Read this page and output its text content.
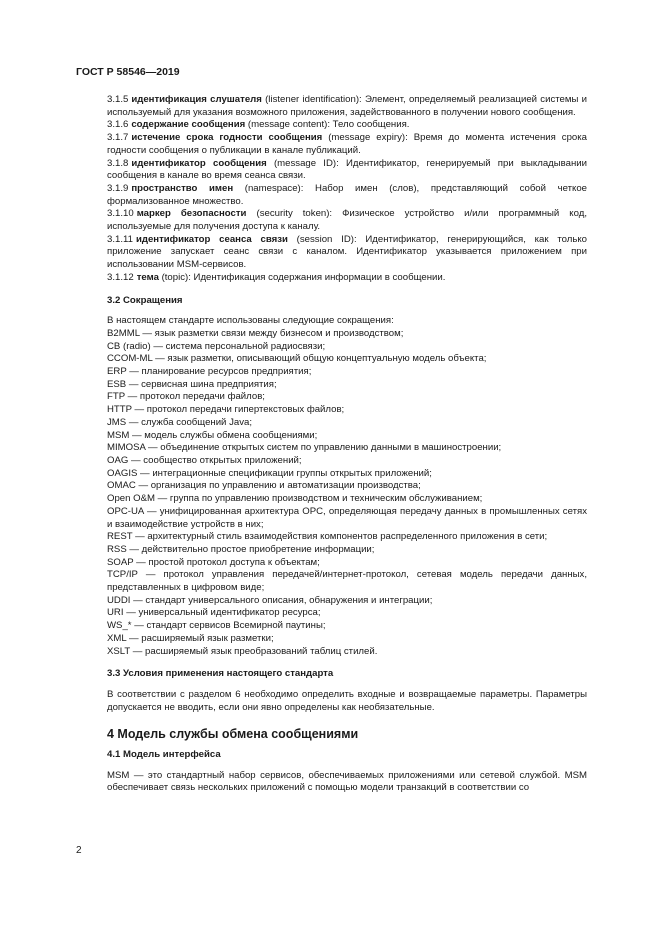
ГОСТ Р 58546—2019

3.1.5 идентификация слушателя (listener identification): Элемент, определяемый реализацией системы и используемый для указания возможного приложения, задействованного в получении нового сообщения.

3.1.6 содержание сообщения (message content): Тело сообщения.

3.1.7 истечение срока годности сообщения (message expiry): Время до момента истечения срока годности сообщения о публикации в канале публикаций.

3.1.8 идентификатор сообщения (message ID): Идентификатор, генерируемый при выкладывании сообщения в канале во время сеанса связи.

3.1.9 пространство имен (namespace): Набор имен (слов), представляющий собой четкое формализованное множество.

3.1.10 маркер безопасности (security token): Физическое устройство и/или программный код, используемые для получения доступа к каналу.

3.1.11 идентификатор сеанса связи (session ID): Идентификатор, генерирующийся, как только приложение запускает сеанс связи с каналом. Идентификатор указывается приложением при использовании MSM-сервисов.

3.1.12 тема (topic): Идентификация содержания информации в сообщении.

3.2 Сокращения

В настоящем стандарте использованы следующие сокращения:

B2MML — язык разметки связи между бизнесом и производством;

CB (radio) — система персональной радиосвязи;

CCOM-ML — язык разметки, описывающий общую концептуальную модель объекта;

ERP — планирование ресурсов предприятия;

ESB — сервисная шина предприятия;

FTP — протокол передачи файлов;

HTTP — протокол передачи гипертекстовых файлов;

JMS — служба сообщений Java;

MSM — модель службы обмена сообщениями;

MIMOSA — объединение открытых систем по управлению данными в машиностроении;

OAG — сообщество открытых приложений;

OAGIS — интеграционные спецификации группы открытых приложений;

OMAC — организация по управлению и автоматизации производства;

Open O&M — группа по управлению производством и техническим обслуживанием;

OPC-UA — унифицированная архитектура OPC, определяющая передачу данных в промышленных сетях и взаимодействие устройств в них;

REST — архитектурный стиль взаимодействия компонентов распределенного приложения в сети;

RSS — действительно простое приобретение информации;

SOAP — простой протокол доступа к объектам;

TCP/IP — протокол управления передачей/интернет-протокол, сетевая модель передачи данных, представленных в цифровом виде;

UDDI — стандарт универсального описания, обнаружения и интеграции;

URI — универсальный идентификатор ресурса;

WS_* — стандарт сервисов Всемирной паутины;

XML — расширяемый язык разметки;

XSLT — расширяемый язык преобразований таблиц стилей.

3.3 Условия применения настоящего стандарта

В соответствии с разделом 6 необходимо определить входные и возвращаемые параметры. Параметры допускается не вводить, если они явно определены как необязательные.

4 Модель службы обмена сообщениями

4.1 Модель интерфейса

MSM — это стандартный набор сервисов, обеспечиваемых приложениями или сетевой службой. MSM обеспечивает связь нескольких приложений с помощью модели транзакций в соответствии со

2
